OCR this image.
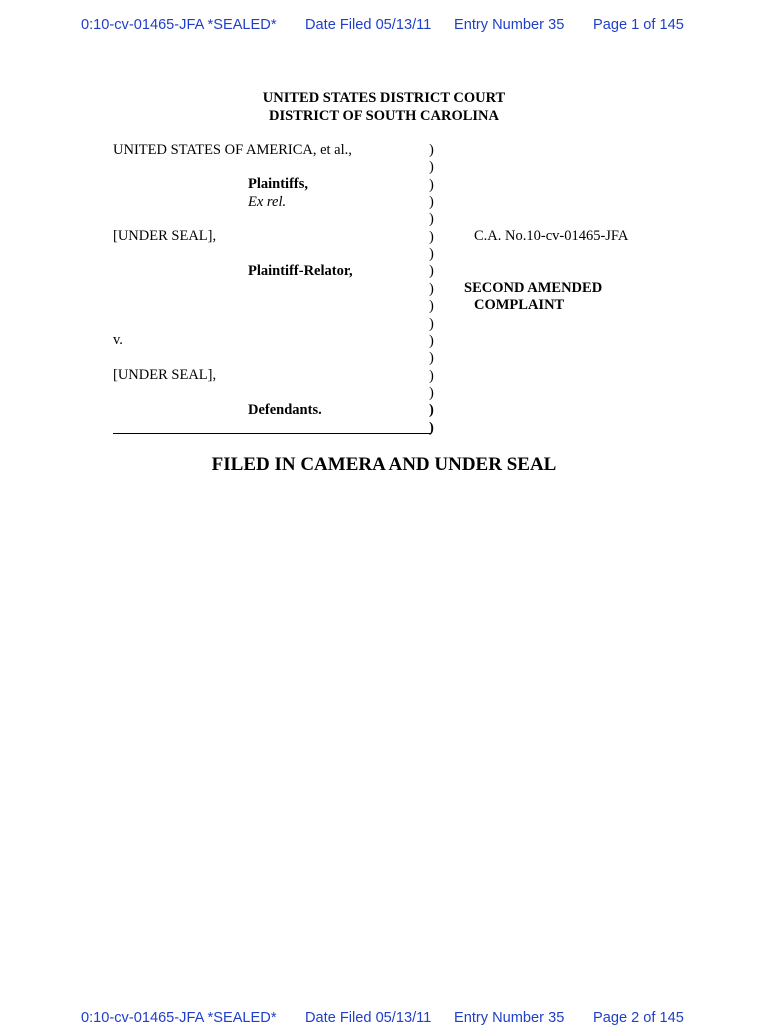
0:10-cv-01465-JFA *SEALED* Date Filed 05/13/11 Entry Number 35 Page 1 of 145
UNITED STATES DISTRICT COURT
DISTRICT OF SOUTH CAROLINA
UNITED STATES OF AMERICA, et al.,
Plaintiffs,
Ex rel.
[UNDER SEAL],
Plaintiff-Relator,
v.
[UNDER SEAL],
Defendants.
C.A. No.10-cv-01465-JFA
SECOND AMENDED
COMPLAINT
)
)
)
)
)
)
)
)
)
)
)
)
)
)
)
)
)
FILED IN CAMERA AND UNDER SEAL
0:10-cv-01465-JFA *SEALED* Date Filed 05/13/11 Entry Number 35 Page 2 of 145
